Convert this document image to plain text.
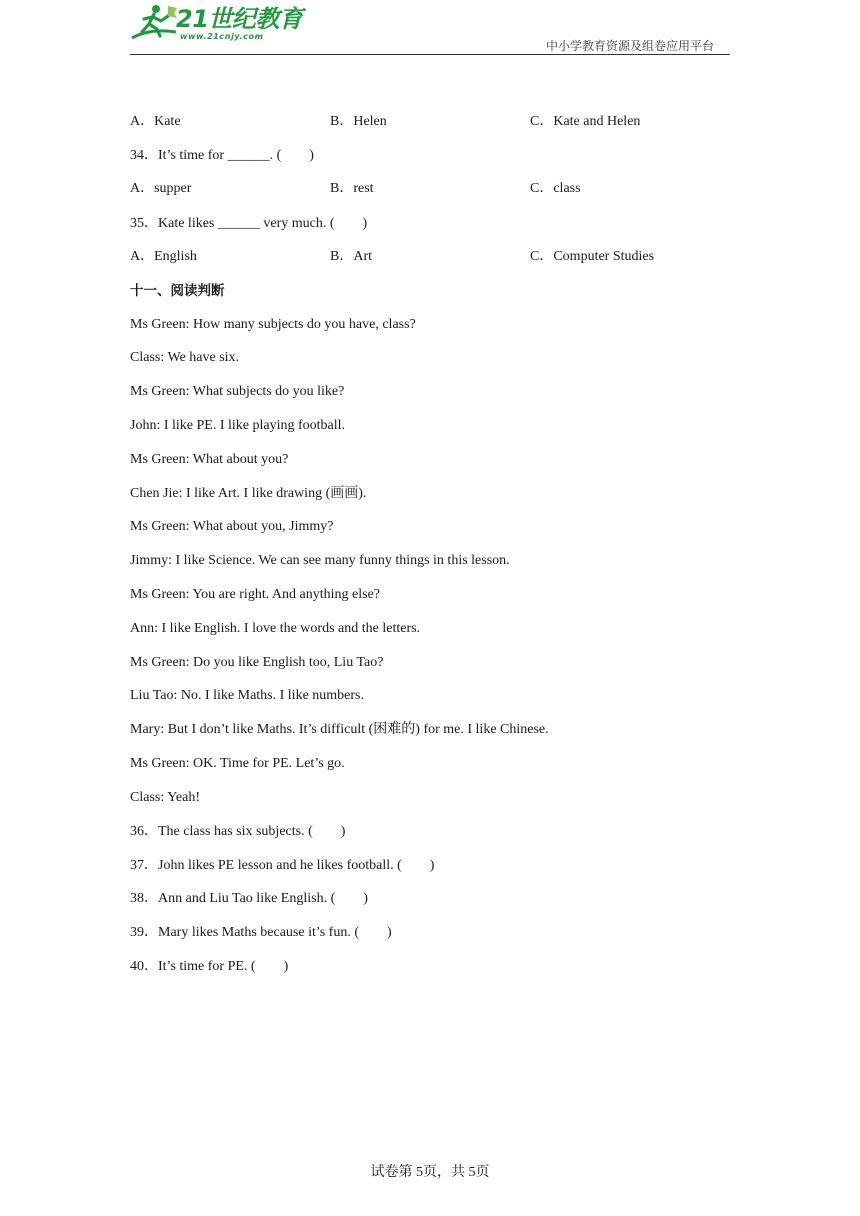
21世纪教育
www.21cnjy.com
中小学教育资源及组卷应用平台
A．Kate	B．Helen	C．Kate and Helen
34．It’s time for ______. (　　)
A．supper	B．rest	C．class
35．Kate likes ______ very much. (　　)
A．English	B．Art	C．Computer Studies
十一、阅读判断
Ms Green: How many subjects do you have, class?
Class: We have six.
Ms Green: What subjects do you like?
John: I like PE. I like playing football.
Ms Green: What about you?
Chen Jie: I like Art. I like drawing (画画).
Ms Green: What about you, Jimmy?
Jimmy: I like Science. We can see many funny things in this lesson.
Ms Green: You are right. And anything else?
Ann: I like English. I love the words and the letters.
Ms Green: Do you like English too, Liu Tao?
Liu Tao: No. I like Maths. I like numbers.
Mary: But I don’t like Maths. It’s difficult (困难的) for me. I like Chinese.
Ms Green: OK. Time for PE. Let’s go.
Class: Yeah!
36．The class has six subjects. (　　)
37．John likes PE lesson and he likes football. (　　)
38．Ann and Liu Tao like English. (　　)
39．Mary likes Maths because it’s fun. (　　)
40．It’s time for PE. (　　)
试卷第 5页，共 5页
